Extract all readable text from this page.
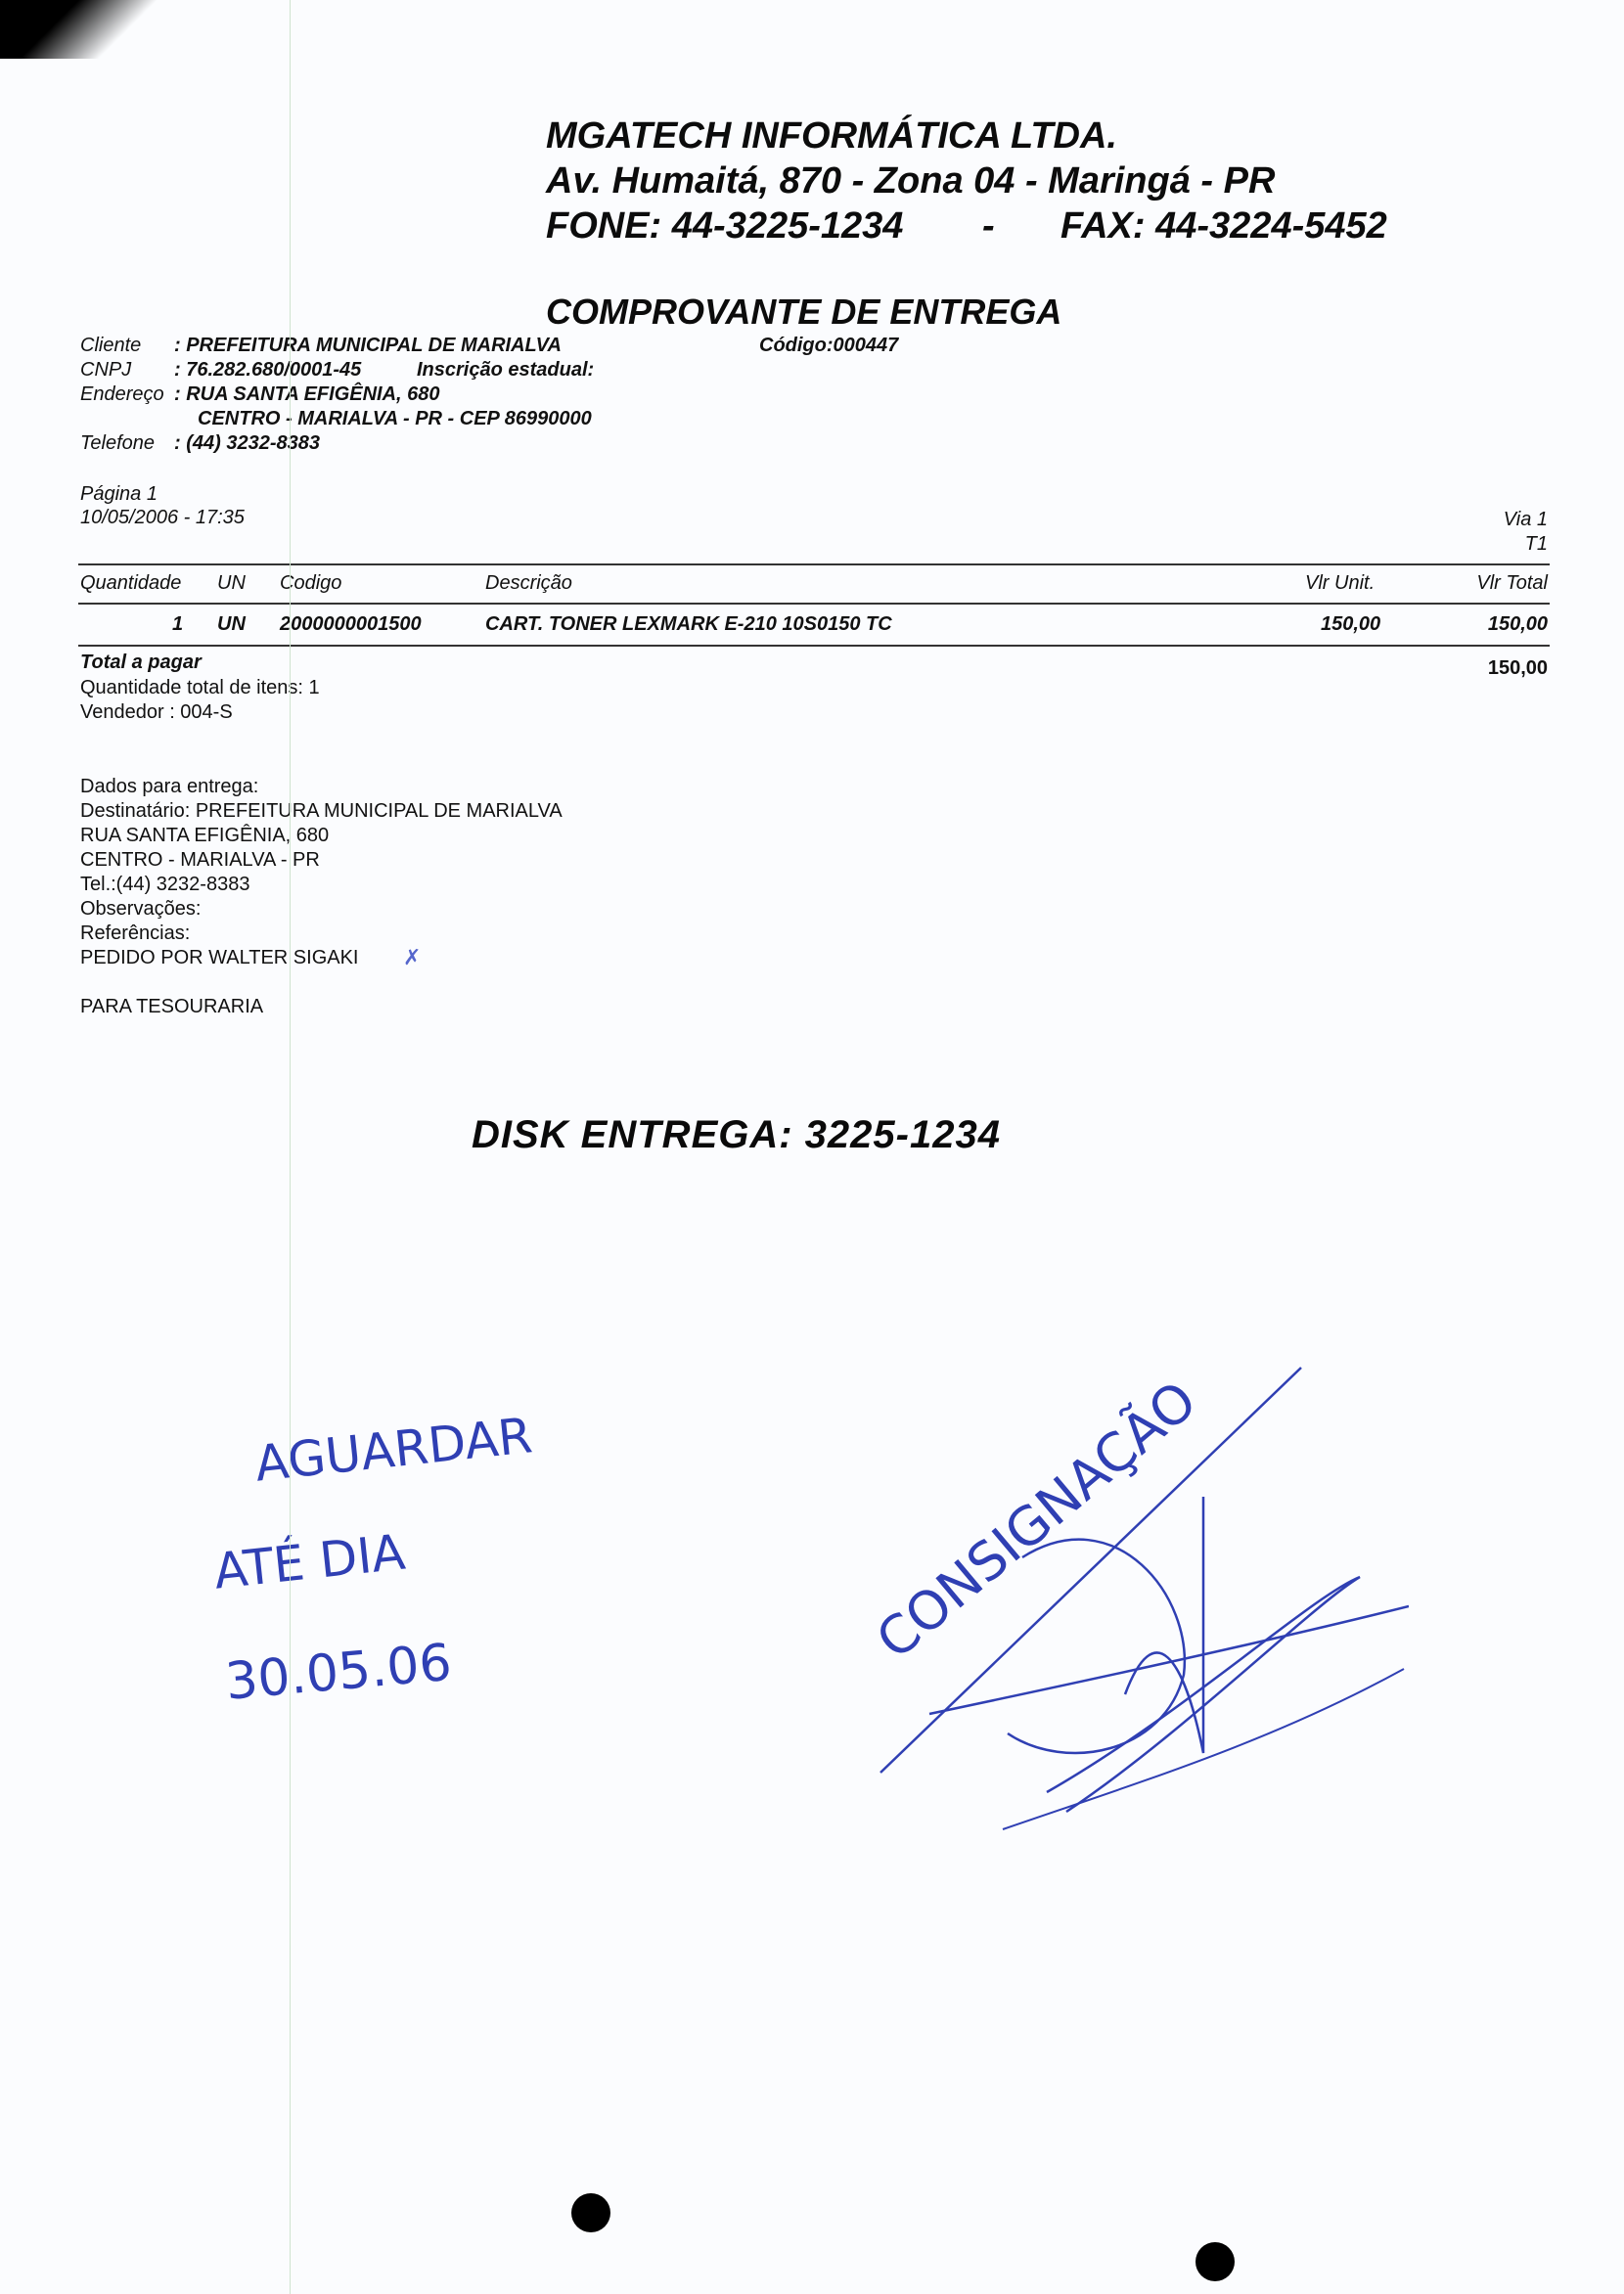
MGATECH INFORMÁTICA LTDA.
Av. Humaitá, 870 - Zona 04 - Maringá - PR
FONE: 44-3225-1234 - FAX: 44-3224-5452
COMPROVANTE DE ENTREGA
Cliente : PREFEITURA MUNICIPAL DE MARIALVA	Código:000447
CNPJ : 76.282.680/0001-45	Inscrição estadual:
Endereço : RUA SANTA EFIGÊNIA, 680
CENTRO - MARIALVA - PR - CEP 86990000
Telefone : (44) 3232-8383
Página 1
10/05/2006 - 17:35	Via 1
T1
Quantidade UN Codigo	Descrição	Vlr Unit.	Vlr Total
1 UN 2000000001500	CART. TONER LEXMARK E-210 10S0150 TC	150,00	150,00
Total a pagar	150,00
Quantidade total de itens: 1
Vendedor : 004-S
Dados para entrega:
Destinatário: PREFEITURA MUNICIPAL DE MARIALVA
RUA SANTA EFIGÊNIA, 680
CENTRO - MARIALVA - PR
Tel.:(44) 3232-8383
Observações:
Referências:
PEDIDO POR WALTER SIGAKI ✗
PARA TESOURARIA
DISK ENTREGA: 3225-1234
AGUARDAR
ATÉ DIA
30.05.06
CONSIGNAÇÃO
